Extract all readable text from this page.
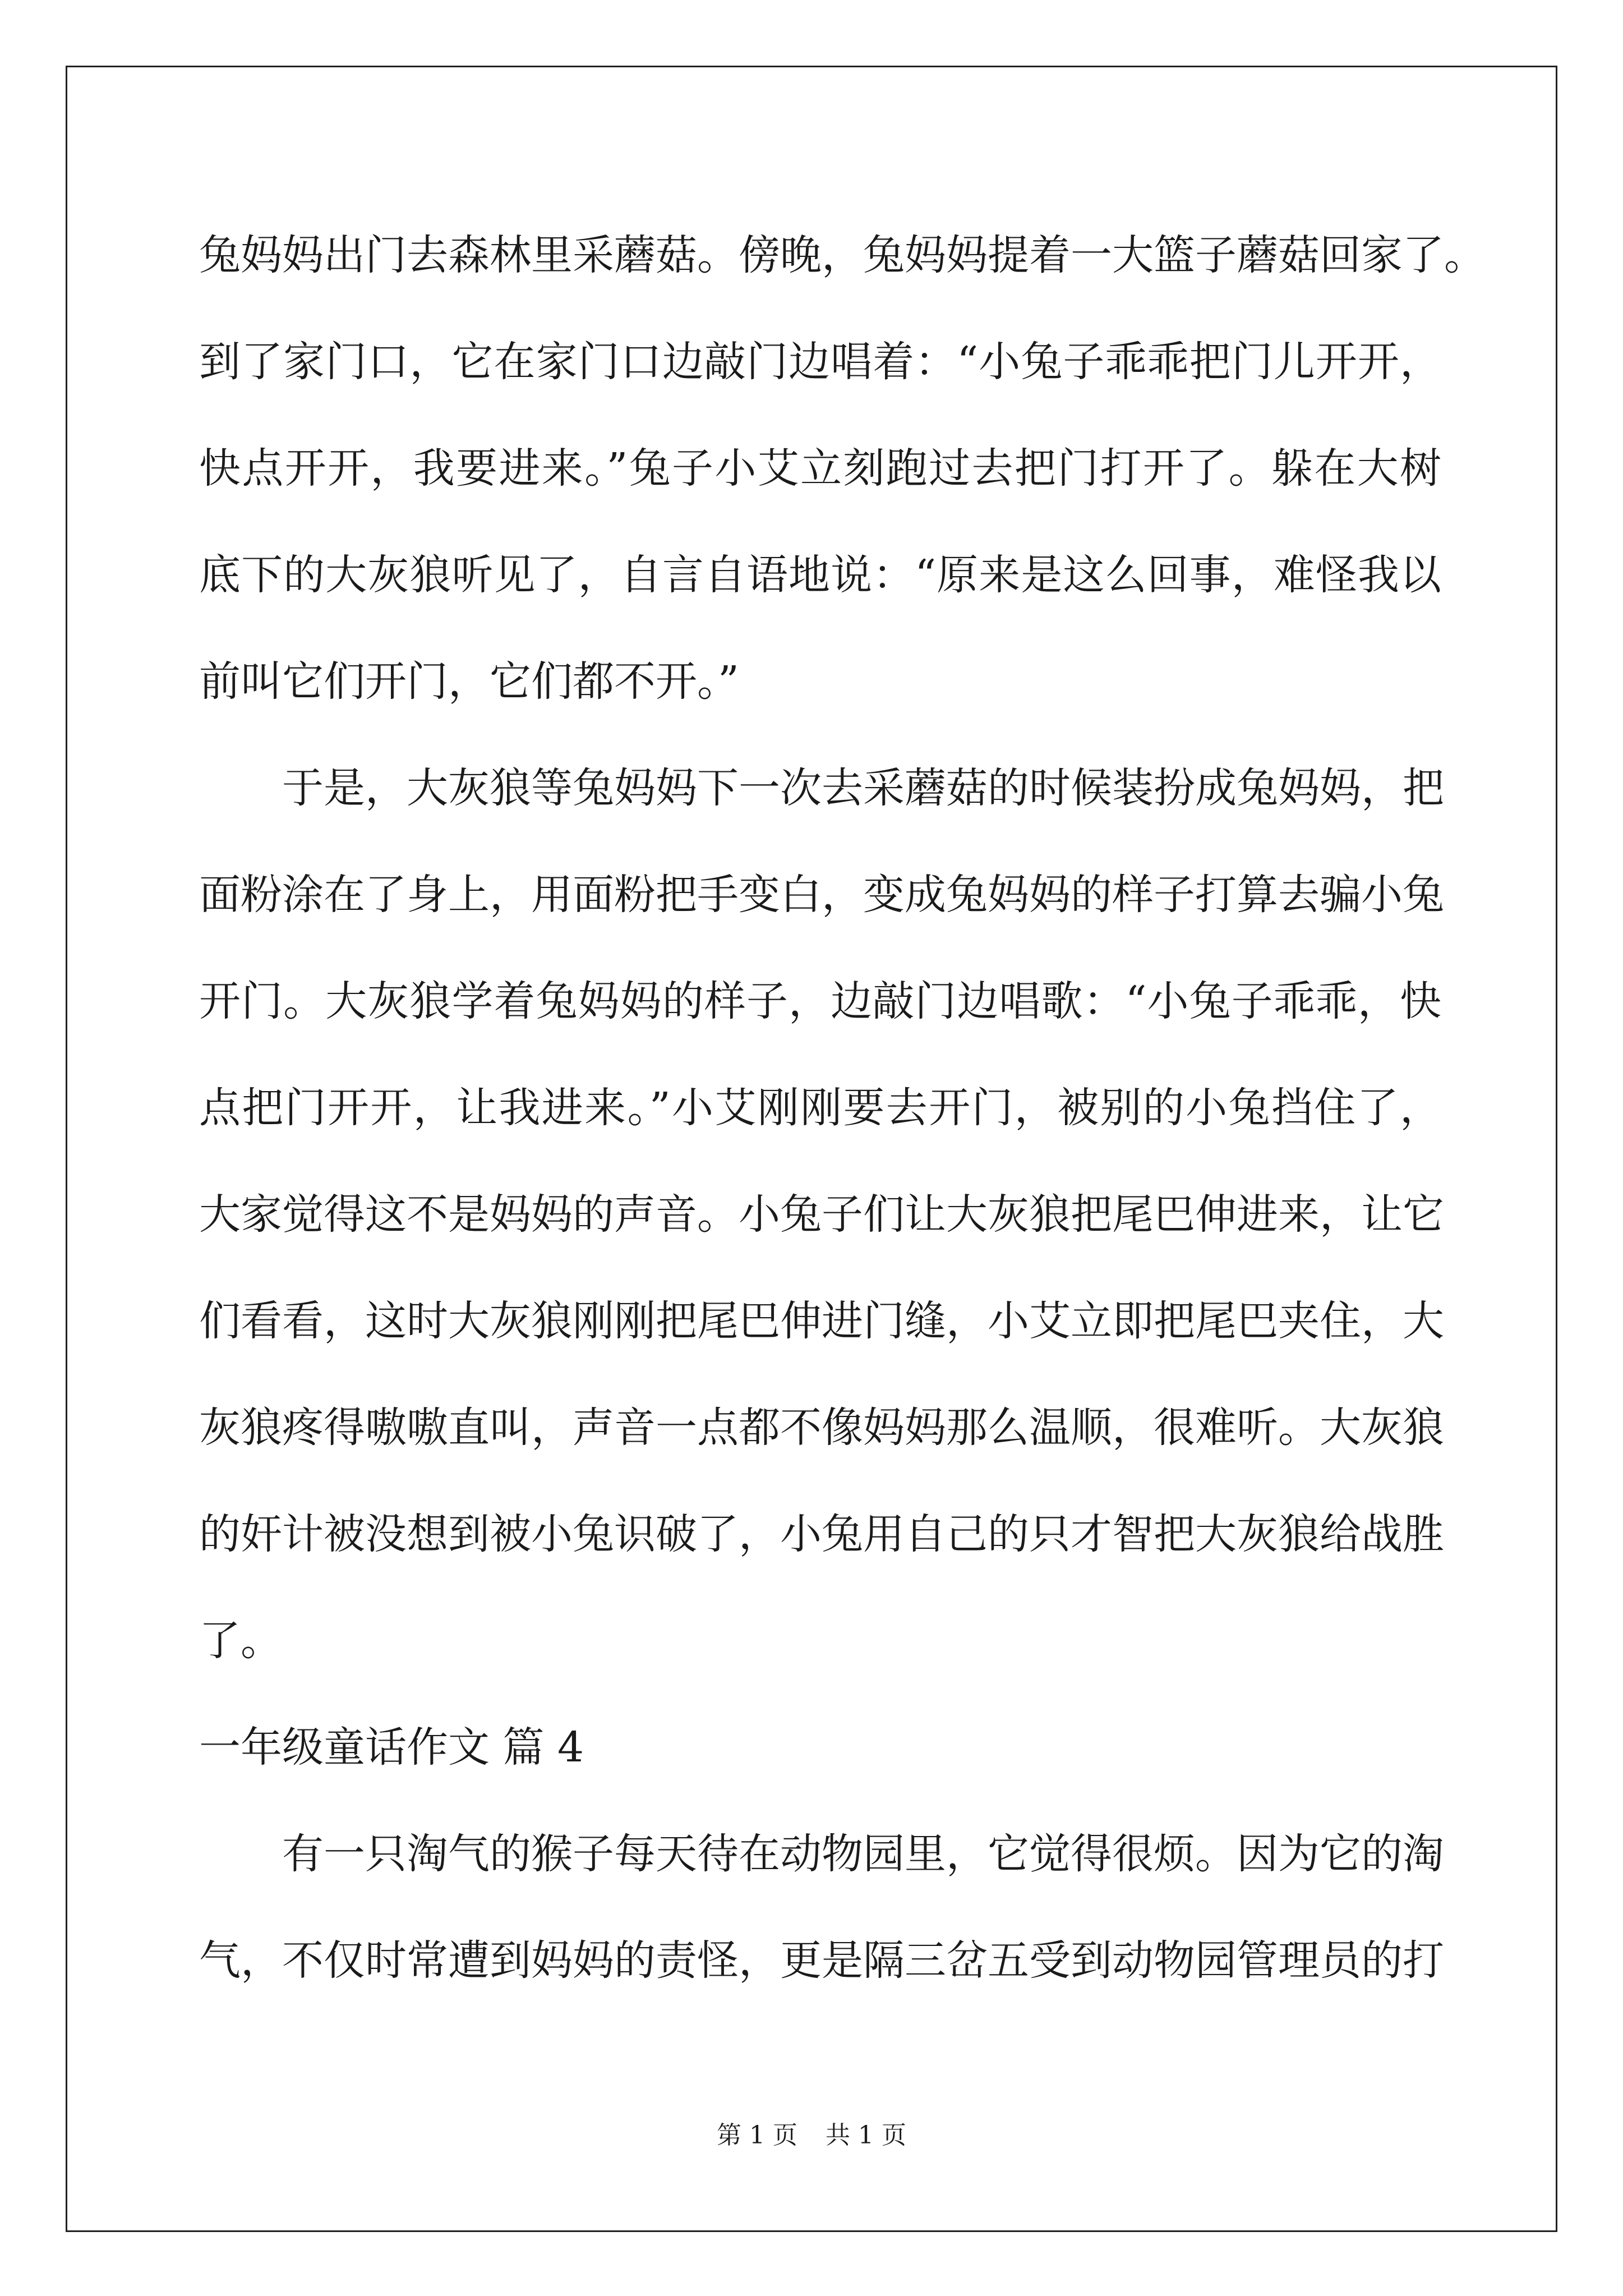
兔妈妈出门去森林里采蘑菇。傍晚，兔妈妈提着一大篮子蘑菇回家了。
到了家门口，它在家门口边敲门边唱着：“小兔子乖乖把门儿开开，
快点开开，我要进来。”兔子小艾立刻跑过去把门打开了。躲在大树
底下的大灰狼听见了，自言自语地说：“原来是这么回事，难怪我以
前叫它们开门，它们都不开。”
于是，大灰狼等兔妈妈下一次去采蘑菇的时候装扮成兔妈妈，把
面粉涂在了身上，用面粉把手变白，变成兔妈妈的样子打算去骗小兔
开门。大灰狼学着兔妈妈的样子，边敲门边唱歌：“小兔子乖乖，快
点把门开开，让我进来。”小艾刚刚要去开门，被别的小兔挡住了，
大家觉得这不是妈妈的声音。小兔子们让大灰狼把尾巴伸进来，让它
们看看，这时大灰狼刚刚把尾巴伸进门缝，小艾立即把尾巴夹住，大
灰狼疼得嗷嗷直叫，声音一点都不像妈妈那么温顺，很难听。大灰狼
的奸计被没想到被小兔识破了，小兔用自己的只才智把大灰狼给战胜
了。
一年级童话作文 篇 4
有一只淘气的猴子每天待在动物园里，它觉得很烦。因为它的淘
气，不仅时常遭到妈妈的责怪，更是隔三岔五受到动物园管理员的打
第 1 页 共 1 页
